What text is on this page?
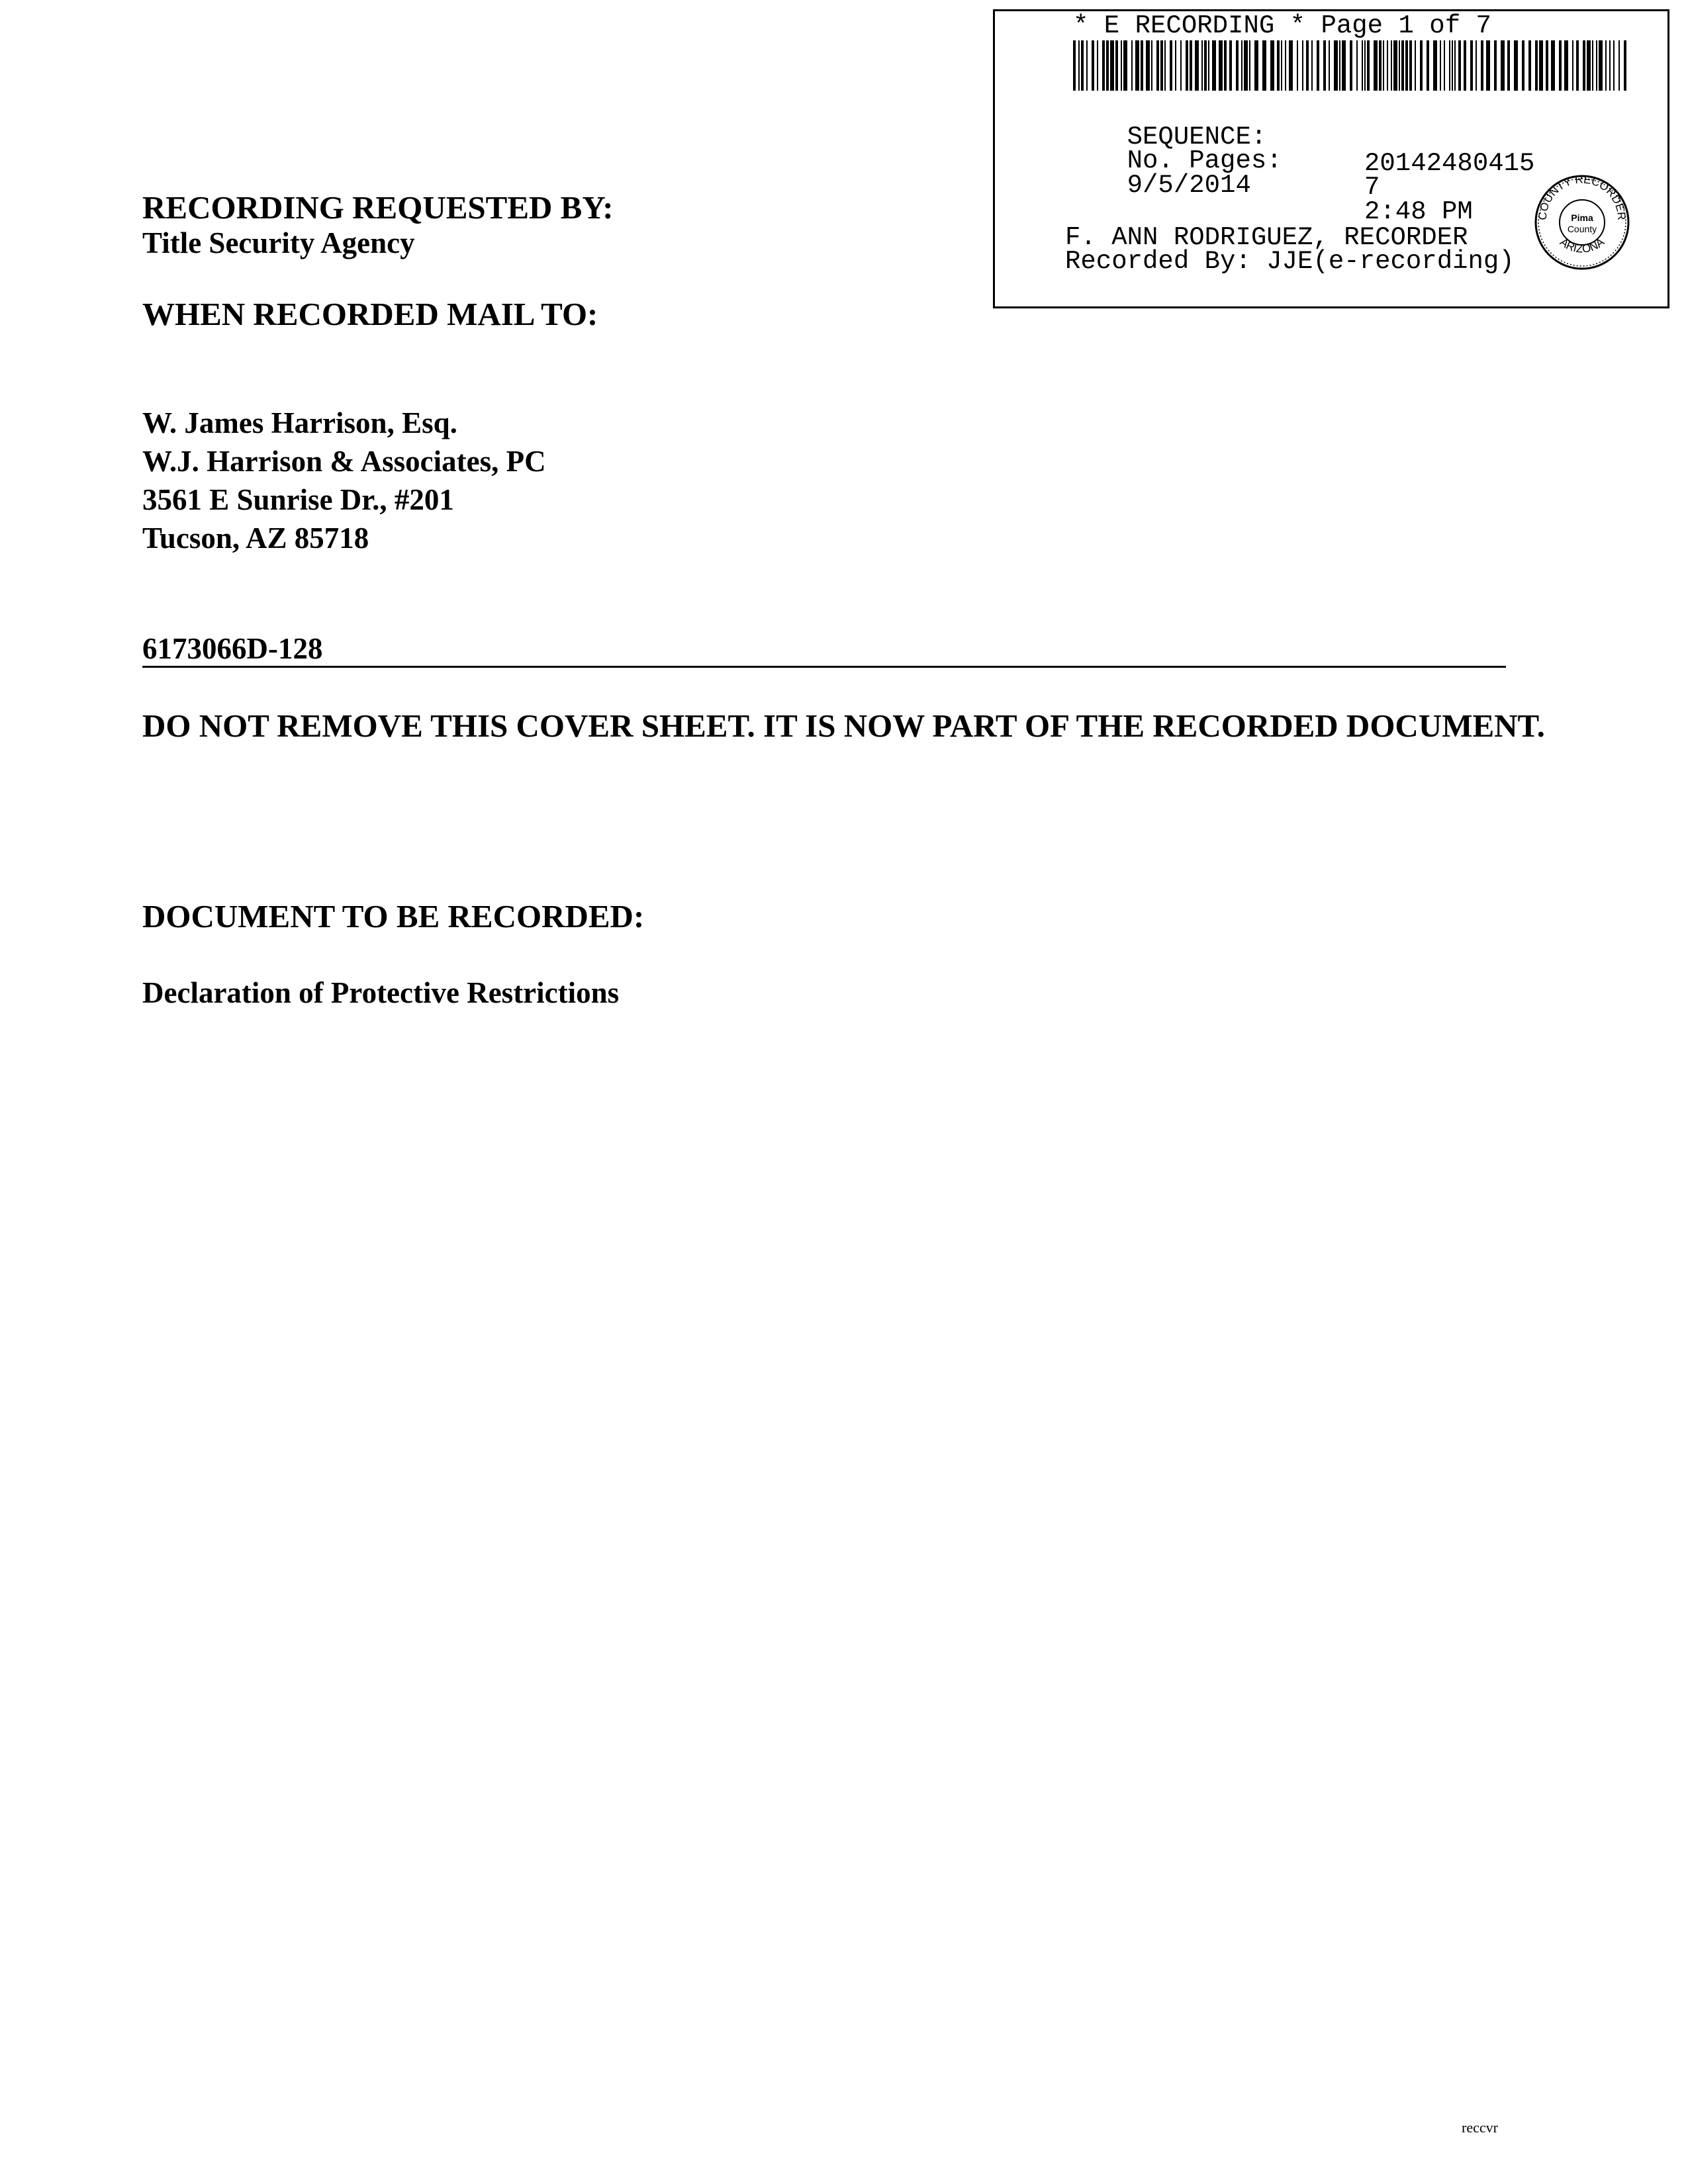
* E RECORDING * Page 1 of 7

SEQUENCE:

20142480415

No. Pages:

7

9/5/2014

2:48 PM

F. ANN RODRIGUEZ, RECORDER
Recorded By: JJE(e-recording)
COUNTY RECORDER
ARIZONA
Pima
County
RECORDING REQUESTED BY:
Title Security Agency
WHEN RECORDED MAIL TO:
W. James Harrison, Esq.
W.J. Harrison & Associates, PC
3561 E Sunrise Dr., #201
Tucson, AZ 85718
6173066D-128
DO NOT REMOVE THIS COVER SHEET. IT IS NOW PART OF THE RECORDED DOCUMENT.
DOCUMENT TO BE RECORDED:
Declaration of Protective Restrictions
reccvr
